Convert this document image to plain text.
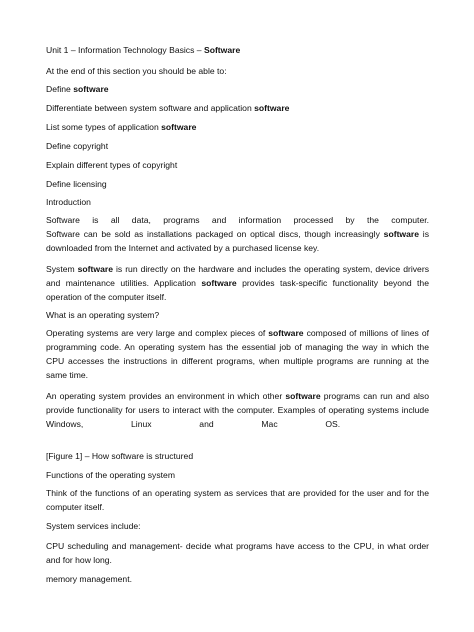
Unit 1 – Information Technology Basics – Software

At the end of this section you should be able to:

Define software

Differentiate between system software and application software

List some types of application software

Define copyright

Explain different types of copyright

Define licensing

Introduction

Software is all data, programs and information processed by the computer.

Software can be sold as installations packaged on optical discs, though increasingly software is

downloaded from the Internet and activated by a purchased license key.

System software is run directly on the hardware and includes the operating system, device drivers

and maintenance utilities. Application software provides task-specific functionality beyond the

operation of the computer itself.

What is an operating system?

Operating systems are very large and complex pieces of software composed of millions of lines of

programming code. An operating system has the essential job of managing the way in which the

CPU accesses the instructions in different programs, when multiple programs are running at the

same time.

An operating system provides an environment in which other software programs can run and also

provide functionality for users to interact with the computer. Examples of operating systems include

Windows,                    Linux                    and                    Mac                    OS.

[Figure 1] – How software is structured

Functions of the operating system

Think of the functions of an operating system as services that are provided for the user and for the

computer itself.

System services include:

CPU scheduling and management- decide what programs have access to the CPU, in what order

and for how long.

memory management.
